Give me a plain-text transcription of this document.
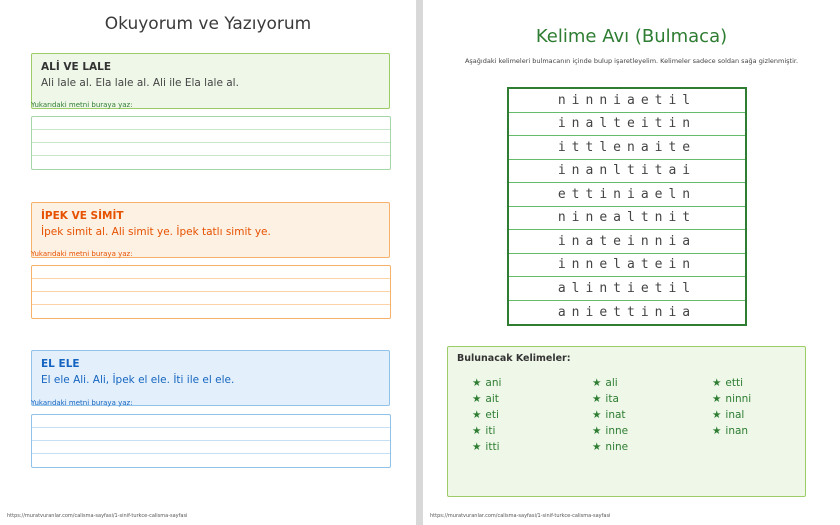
Okuyorum ve Yazıyorum
ALİ VE LALE
Ali lale al. Ela lale al. Ali ile Ela lale al.
Yukarıdaki metni buraya yaz:
İPEK VE SİMİT
İpek simit al. Ali simit ye. İpek tatlı simit ye.
Yukarıdaki metni buraya yaz:
EL ELE
El ele Ali. Ali, İpek el ele. İti ile el ele.
Yukarıdaki metni buraya yaz:
https://muratvuranlar.com/calisma-sayfasi/1-sinif-turkce-calisma-sayfasi
Kelime Avı (Bulmaca)
Aşağıdaki kelimeleri bulmacanın içinde bulup işaretleyelim. Kelimeler sadece soldan sağa gizlenmiştir.
ninniaetil
inalteitin
ittlenaite
inanltitai
ettiniaeln
ninealtnit
inateinnia
innelatein
alintietil
aniettinia
Bulunacak Kelimeler:
★ ani
★ ait
★ eti
★ iti
★ itti
★ ali
★ ita
★ inat
★ inne
★ nine
★ etti
★ ninni
★ inal
★ inan
https://muratvuranlar.com/calisma-sayfasi/1-sinif-turkce-calisma-sayfasi
